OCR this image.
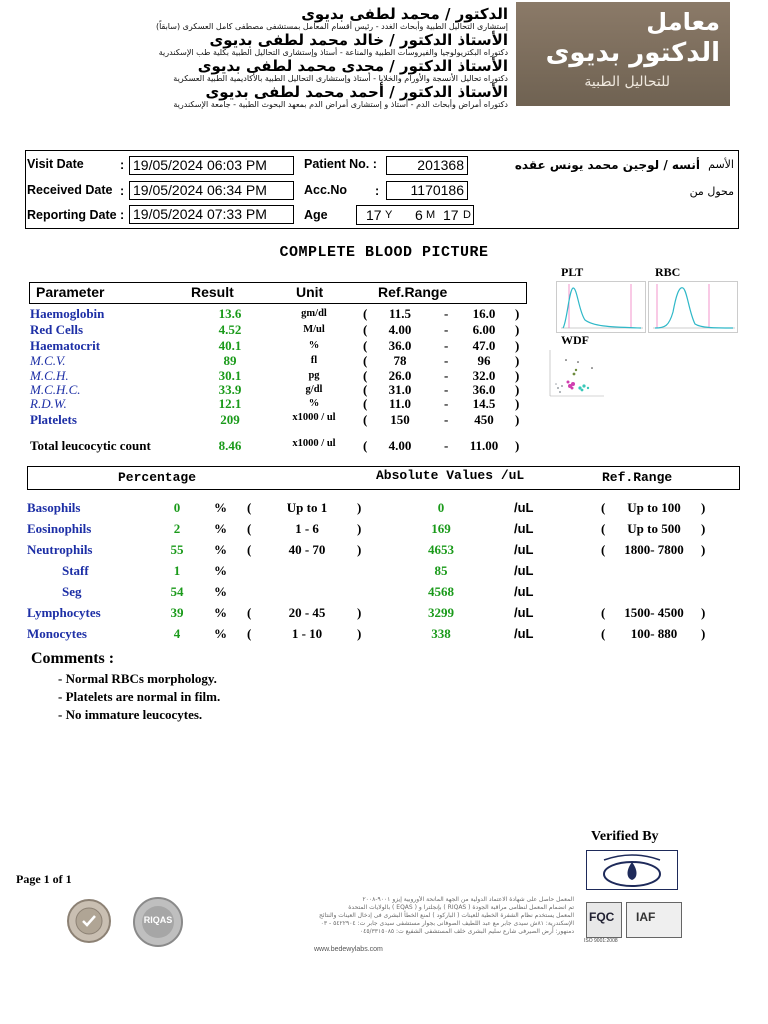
الدكتور / محمد لطفى بديوى
إستشارى التحاليل الطبية وأبحاث الغدد - رئيس أقسام المعامل بمستشفى مصطفى كامل العسكرى (سابقاً)
الأستاذ الدكتور / خالد محمد لطفى بديوى
دكتوراه البكتريولوجيا والفيروسات الطبية والمناعة - أستاذ وإستشارى التحاليل الطبية بكلية طب الإسكندرية
الأستاذ الدكتور / مجدى محمد لطفى بديوى
دكتوراه تحاليل الأنسجة والأورام والخلايا - أستاذ وإستشارى التحاليل الطبية بالأكاديمية الطبية العسكرية
الأستاذ الدكتور / أحمد محمد لطفى بديوى
دكتوراه أمراض وأبحاث الدم - أستاذ و إستشارى أمراض الدم بمعهد البحوث الطبية - جامعة الإسكندرية
معامل
الدكتور بديوى
للتحاليل الطبية
Visit Date	: 19/05/2024 06:03 PM
Received Date : 19/05/2024 06:34 PM
Reporting Date : 19/05/2024 07:33 PM
Patient No. :	201368
Acc.No :	1170186
Age	17 Y 6 M 17 D
أنسه / لوجين محمد يونس عقده الأسم
محول من
COMPLETE BLOOD PICTURE
Parameter	Result	Unit	Ref.Range
Haemoglobin	13.6	gm/dl	(	11.5	-	16.0	)
Red Cells	4.52	M/ul	(	4.00	-	6.00	)
Haematocrit	40.1	%	(	36.0	-	47.0	)
M.C.V.	89	fl	(	78	-	96	)
M.C.H.	30.1	pg	(	26.0	-	32.0	)
M.C.H.C.	33.9	g/dl	(	31.0	-	36.0	)
R.D.W.	12.1	%	(	11.0	-	14.5	)
Platelets	209	x1000 / ul (	150	-	450	)
Total leucocytic count	8.46	x1000 / ul (	4.00	-	11.00	)
PLT	RBC
WDF
Percentage	Absolute Values /uL	Ref.Range
Basophils	0	% (	Up to 1	)	0	/uL	(	Up to 100	)
Eosinophils	2	% (	1 - 6	)	169	/uL	(	Up to 500	)
Neutrophils	55	% (	40 - 70	)	4653	/uL	(	1800- 7800	)
Staff	1	%	85	/uL
Seg	54	%	4568	/uL
Lymphocytes	39	% (	20 - 45	)	3299	/uL	(	1500- 4500	)
Monocytes	4	% (	1 - 10	)	338	/uL	(	100- 880	)
Comments :
- Normal RBCs morphology.
- Platelets are normal in film.
- No immature leucocytes.
Verified By
Page 1 of 1
RIQAS
المعمل حاصل على شهادة الاعتماد الدولية من الجهة المانحة الأوروبية إيزو ٩٠٠١-٢٠٠٨
تم انضمام المعمل لنظامى مراقبة الجودة ( RIQAS ) بإنجلترا و ( EQAS ) بالولايات المتحدة
المعمل يستخدم نظام الشفرة الخطية للعينات ( الباركود ) لمنع الخطأ البشرى فى إدخال العينات والنتائج
الإسكندرية: ٨١ش سيدى جابر مع عبد اللطيف الصوفانى بجوار مستشفى سيدى جابر ت: ٥٤٢٢٩٠٤ - ٠٣
دمنهور: أرض الصيرفى شارع سليم البشرى خلف المستشفى الشفيع ت: ٠٤٥/٣٣١٥٠٨٥
www.bedewylabs.com
FQC
ISO 9001:2008
IAF
